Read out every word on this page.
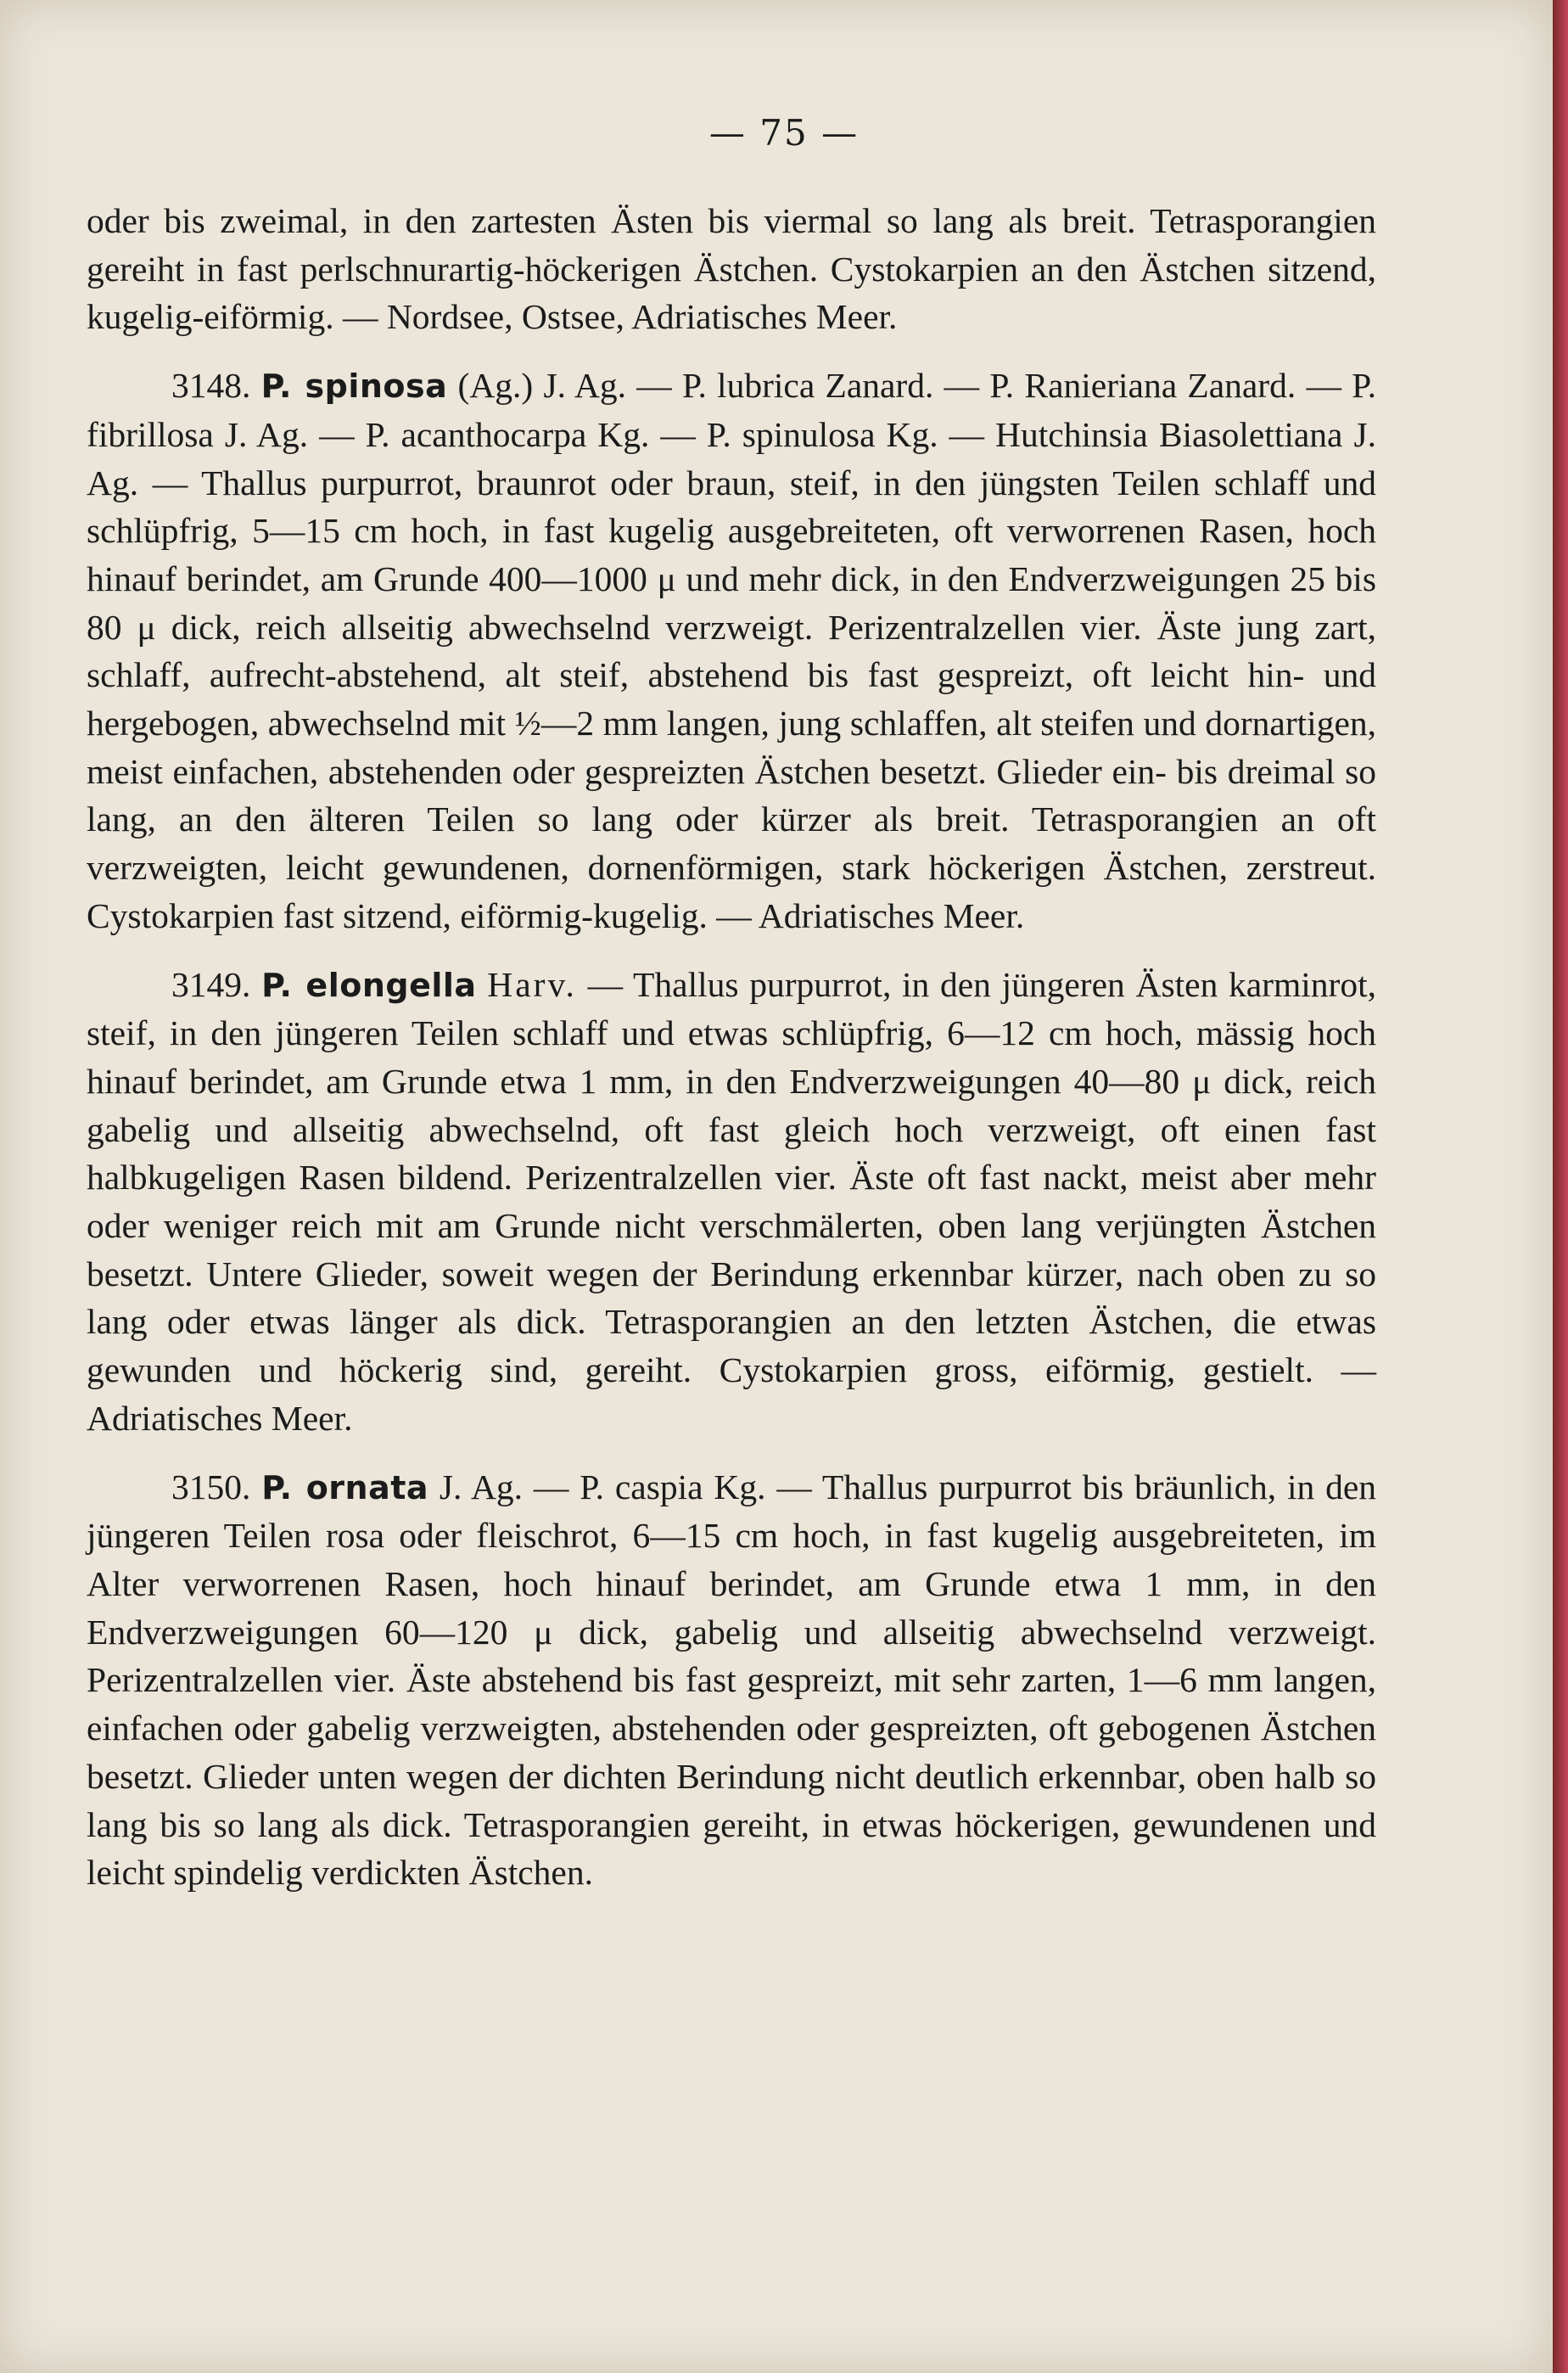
— 75 —

oder bis zweimal, in den zartesten Ästen bis viermal so lang als breit. Tetrasporangien gereiht in fast perlschnurartig-höckerigen Ästchen. Cystokarpien an den Ästchen sitzend, kugelig-eiförmig. — Nordsee, Ostsee, Adriatisches Meer.

3148. P. spinosa (Ag.) J. Ag. — P. lubrica Zanard. — P. Ranieriana Zanard. — P. fibrillosa J. Ag. — P. acanthocarpa Kg. — P. spinulosa Kg. — Hutchinsia Biasolettiana J. Ag. — Thallus purpurrot, braunrot oder braun, steif, in den jüngsten Teilen schlaff und schlüpfrig, 5—15 cm hoch, in fast kugelig ausgebreiteten, oft verworrenen Rasen, hoch hinauf berindet, am Grunde 400—1000 μ und mehr dick, in den Endverzweigungen 25 bis 80 μ dick, reich allseitig abwechselnd verzweigt. Perizentralzellen vier. Äste jung zart, schlaff, aufrecht-abstehend, alt steif, abstehend bis fast gespreizt, oft leicht hin- und hergebogen, abwechselnd mit ½—2 mm langen, jung schlaffen, alt steifen und dornartigen, meist einfachen, abstehenden oder gespreizten Ästchen besetzt. Glieder ein- bis dreimal so lang, an den älteren Teilen so lang oder kürzer als breit. Tetrasporangien an oft verzweigten, leicht gewundenen, dornenförmigen, stark höckerigen Ästchen, zerstreut. Cystokarpien fast sitzend, eiförmig-kugelig. — Adriatisches Meer.

3149. P. elongella Harv. — Thallus purpurrot, in den jüngeren Ästen karminrot, steif, in den jüngeren Teilen schlaff und etwas schlüpfrig, 6—12 cm hoch, mässig hoch hinauf berindet, am Grunde etwa 1 mm, in den Endverzweigungen 40—80 μ dick, reich gabelig und allseitig abwechselnd, oft fast gleich hoch verzweigt, oft einen fast halbkugeligen Rasen bildend. Perizentralzellen vier. Äste oft fast nackt, meist aber mehr oder weniger reich mit am Grunde nicht verschmälerten, oben lang verjüngten Ästchen besetzt. Untere Glieder, soweit wegen der Berindung erkennbar kürzer, nach oben zu so lang oder etwas länger als dick. Tetrasporangien an den letzten Ästchen, die etwas gewunden und höckerig sind, gereiht. Cystokarpien gross, eiförmig, gestielt. — Adriatisches Meer.

3150. P. ornata J. Ag. — P. caspia Kg. — Thallus purpurrot bis bräunlich, in den jüngeren Teilen rosa oder fleischrot, 6—15 cm hoch, in fast kugelig ausgebreiteten, im Alter verworrenen Rasen, hoch hinauf berindet, am Grunde etwa 1 mm, in den Endverzweigungen 60—120 μ dick, gabelig und allseitig abwechselnd verzweigt. Perizentralzellen vier. Äste abstehend bis fast gespreizt, mit sehr zarten, 1—6 mm langen, einfachen oder gabelig verzweigten, abstehenden oder gespreizten, oft gebogenen Ästchen besetzt. Glieder unten wegen der dichten Berindung nicht deutlich erkennbar, oben halb so lang bis so lang als dick. Tetrasporangien gereiht, in etwas höckerigen, gewundenen und leicht spindelig verdickten Ästchen.
